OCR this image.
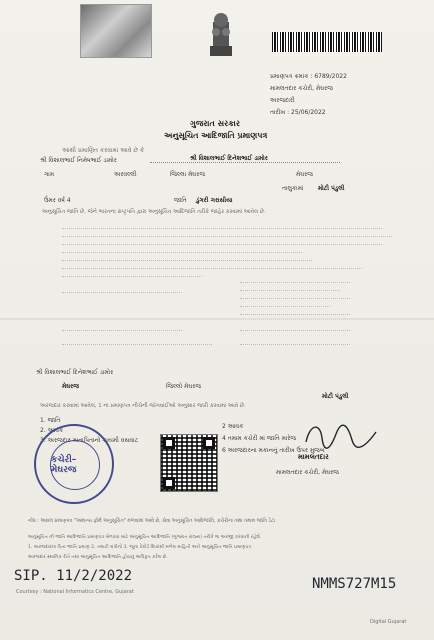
પ્રમાણપત્ર ક્રમાંક : 6789/2022
મામલતદાર કચેરી, મેઘરજ
અરજદારી
તારીખ : 25/06/2022
ગુજરાત સરકાર
અનુસૂચિત આદિજાતિ પ્રમાણપત્ર
આથી પ્રમાણિત કરવામાં આવે છે કે
શ્રી વિશાલભાઈ નિમેષભાઈ ડામોર	શ્રી વિશાલભાઈ દિનેશભાઈ ડામોર
ગામ	અરવલ્લી	જિલ્લા મેઘરજ	મેઘરજ
તાલુકામાં મોટી પંડુલી
ઉંમર વર્ષ 4	જાતિ ડુંગરી ગરાસીયા
અનુસૂચિત જાતિ છે, જેને ભારતના રાષ્ટ્રપતિ દ્વારા અનુસૂચિત આદિજાતિ તરીકે જાહેર કરવામાં આવેલ છે.
શ્રી વિશાલભાઈ દિનેશભાઈ ડામોર
મેઘરજ	જિલ્લો મેઘરજ
મોટી પંડુલી
અરજદાર કરવામાં આવેલ, 1 ના પ્રમાણપત્ર નીચેની જોગવાઈઓ અનુસાર જારી કરવામાં આવે છે.
1. જાતિ
2. આવક
3. અરજદાર માતાપિતાનો કાયમી વસવાટ
2 આવક
4 તમામ કચેરી માં જાતિ મારેજ
6 અરજદારના મકાનનું તારીખ ઉપર મુજબ
કચેરી–મેઘરજ
મામલતદાર
મામલતદાર કચેરી, મેઘરજ
નોંધ : અસલ પ્રમાણપત્ર "અમાન્ય ફોર્મ અનુસૂચિત" મળવામાં આવે છે, સેવા અનુસૂચિત આદિજાતિ, કચેરીના તથા તમામ જાતિ ડેટા
અનુસૂચિત ની જાતિ આદિજાતિ પ્રમાણપત્ર મેળવવા માટે અનુસૂચિત આદિજાતિ (ગુજરાત રાજ્ય) તરીકે જ અરજી કરવાની રહેશે.
1. અરજદારના પિતા જાતિ પ્રમાણ 2. તલાટી મંત્રીનો 3. જૂના રેકોર્ડ ઉપરથી મળેલ માહિતી અને અનુસૂચિત જાતિ પ્રમાણપત્ર
અરજદાર સ્થાનિક રીતે તથા અનુસૂચિત આદિજાતિ હોવાનું અધિકૃત કરેલ છે.
SIP. 11/2/2022	NMMS727M15
Courtesy : National Informatics Centre, Gujarat
Digital Gujarat
